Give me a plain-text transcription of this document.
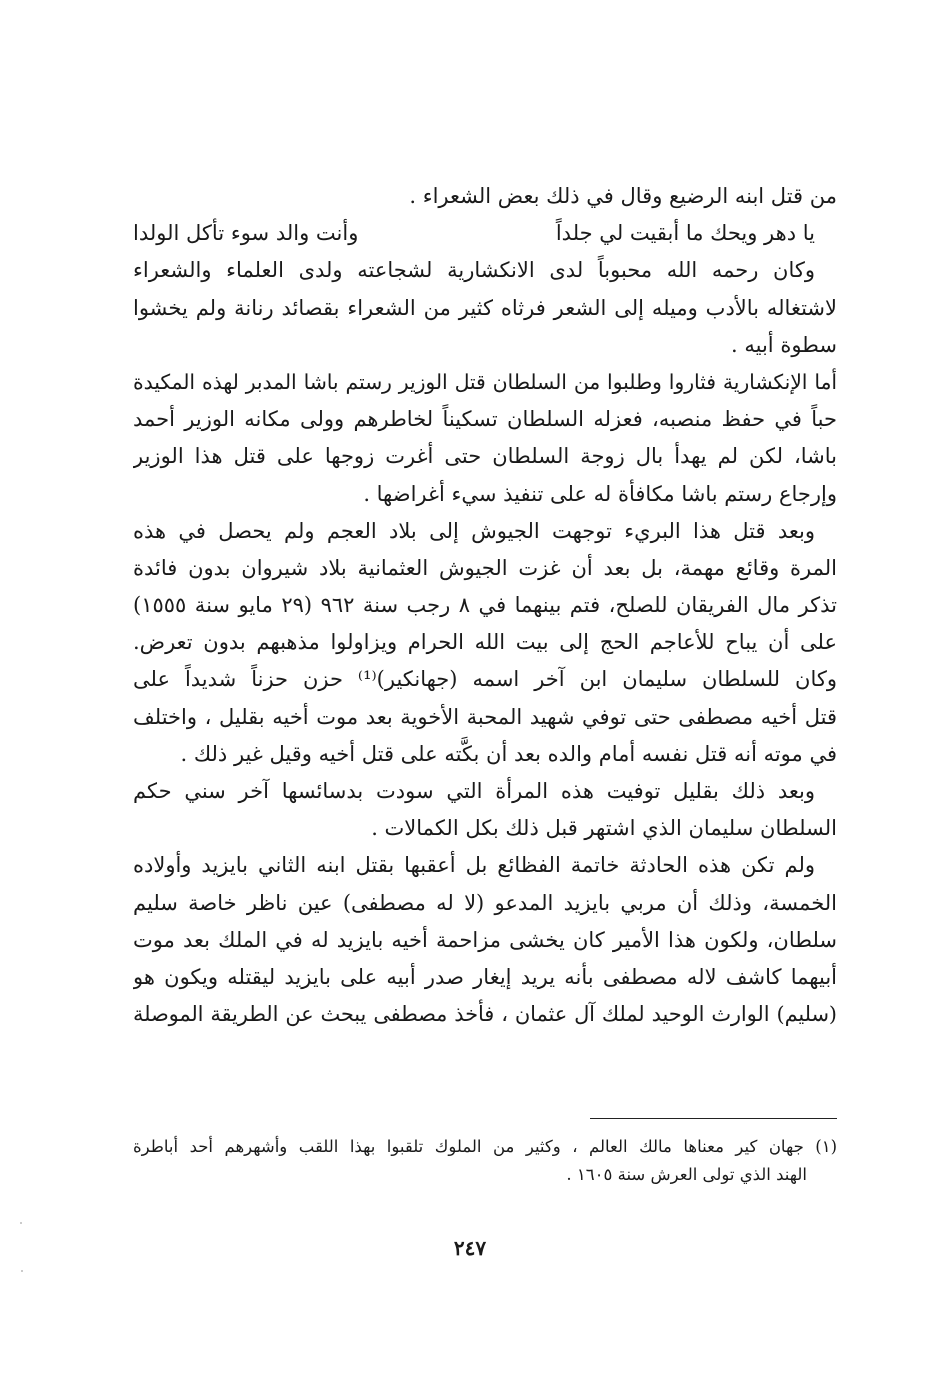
من قتل ابنه الرضيع وقال في ذلك بعض الشعراء .
يا دهر ويحك ما أبقيت لي جلداً
وأنت والد سوء تأكل الولدا
وكان رحمه الله محبوباً لدى الانكشارية لشجاعته ولدى العلماء والشعراء
لاشتغاله بالأدب وميله إلى الشعر فرثاه كثير من الشعراء بقصائد رنانة ولم يخشوا
سطوة أبيه .
أما الإنكشارية فثاروا وطلبوا من السلطان قتل الوزير رستم باشا المدبر لهذه المكيدة
حباً في حفظ منصبه، فعزله السلطان تسكيناً لخاطرهم وولى مكانه الوزير أحمد
باشا، لكن لم يهدأ بال زوجة السلطان حتى أغرت زوجها على قتل هذا الوزير
وإرجاع رستم باشا مكافأة له على تنفيذ سيء أغراضها .
وبعد قتل هذا البريء توجهت الجيوش إلى بلاد العجم ولم يحصل في هذه
المرة وقائع مهمة، بل بعد أن غزت الجيوش العثمانية بلاد شيروان بدون فائدة
تذكر مال الفريقان للصلح، فتم بينهما في ٨ رجب سنة ٩٦٢ (٢٩ مايو سنة ١٥٥٥)
على أن يباح للأعاجم الحج إلى بيت الله الحرام ويزاولوا مذهبهم بدون تعرض.
وكان للسلطان سليمان ابن آخر اسمه (جهانكير)⁽¹⁾ حزن حزناً شديداً على
قتل أخيه مصطفى حتى توفي شهيد المحبة الأخوية بعد موت أخيه بقليل ، واختلف
في موته أنه قتل نفسه أمام والده بعد أن بكَّته على قتل أخيه وقيل غير ذلك .
وبعد ذلك بقليل توفيت هذه المرأة التي سودت بدسائسها آخر سني حكم
السلطان سليمان الذي اشتهر قبل ذلك بكل الكمالات .
ولم تكن هذه الحادثة خاتمة الفظائع بل أعقبها بقتل ابنه الثاني بايزيد وأولاده
الخمسة، وذلك أن مربي بايزيد المدعو (لا له مصطفى) عين ناظر خاصة سليم
سلطان، ولكون هذا الأمير كان يخشى مزاحمة أخيه بايزيد له في الملك بعد موت
أبيهما كاشف لاله مصطفى بأنه يريد إيغار صدر أبيه على بايزيد ليقتله ويكون هو
(سليم) الوارث الوحيد لملك آل عثمان ، فأخذ مصطفى يبحث عن الطريقة الموصلة
(١) جهان كير معناها مالك العالم ، وكثير من الملوك تلقبوا بهذا اللقب وأشهرهم أحد أباطرة
الهند الذي تولى العرش سنة ١٦٠٥ .
٢٤٧
